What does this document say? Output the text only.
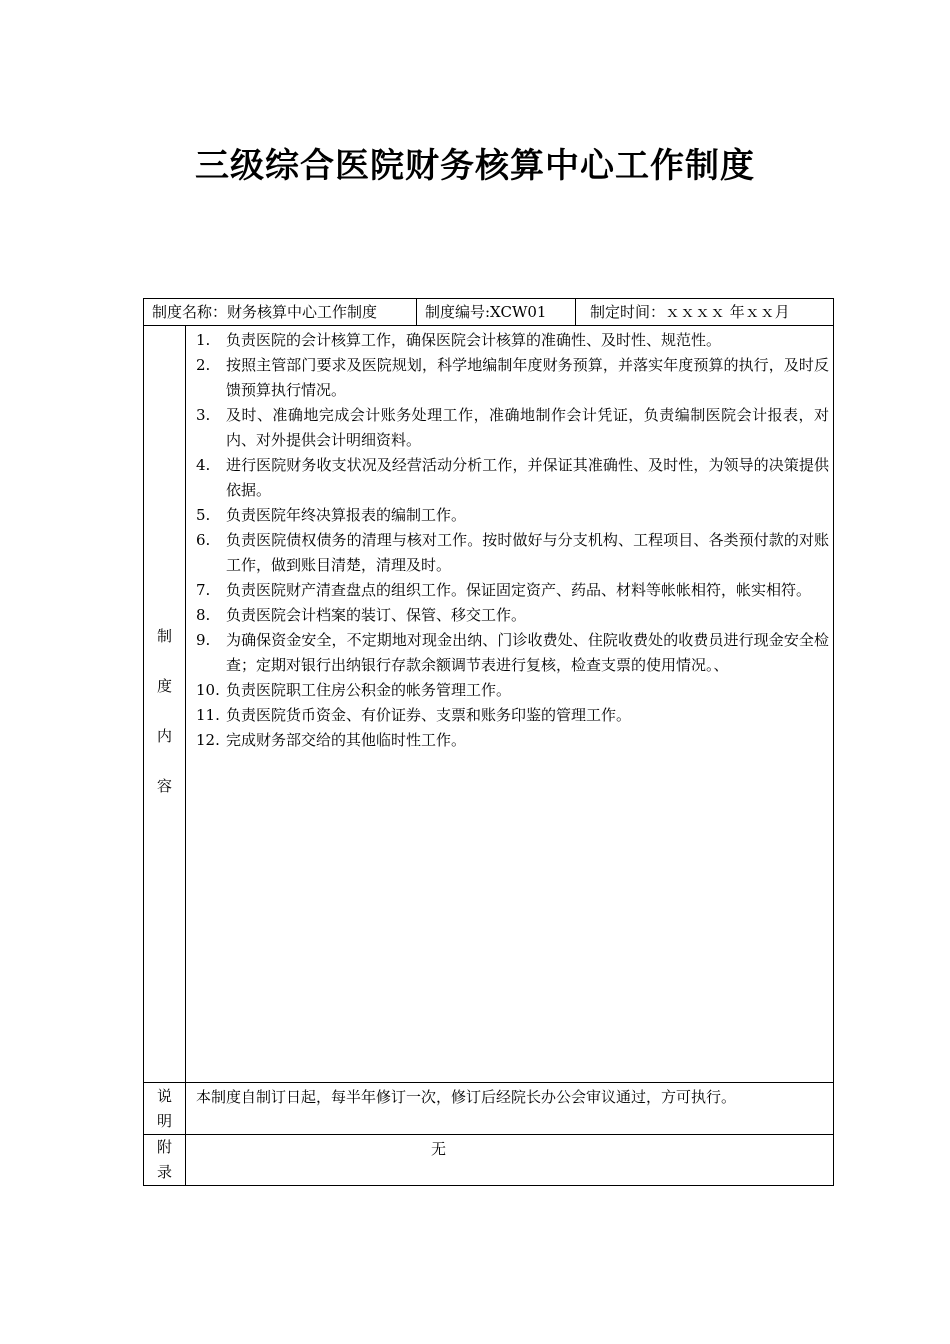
三级综合医院财务核算中心工作制度
制度名称：财务核算中心工作制度	制度编号:XCW01	制定时间：ｘｘｘｘ 年ｘｘ月
制
度
内
容
1. 负责医院的会计核算工作，确保医院会计核算的准确性、及时性、规范性。
2. 按照主管部门要求及医院规划，科学地编制年度财务预算，并落实年度预算的执行，及时反馈预算执行情况。
3. 及时、准确地完成会计账务处理工作，准确地制作会计凭证，负责编制医院会计报表，对内、对外提供会计明细资料。
4. 进行医院财务收支状况及经营活动分析工作，并保证其准确性、及时性，为领导的决策提供依据。
5. 负责医院年终决算报表的编制工作。
6. 负责医院债权债务的清理与核对工作。按时做好与分支机构、工程项目、各类预付款的对账工作，做到账目清楚，清理及时。
7. 负责医院财产清查盘点的组织工作。保证固定资产、药品、材料等帐帐相符，帐实相符。
8. 负责医院会计档案的装订、保管、移交工作。
9. 为确保资金安全，不定期地对现金出纳、门诊收费处、住院收费处的收费员进行现金安全检查；定期对银行出纳银行存款余额调节表进行复核，检查支票的使用情况。、
10. 负责医院职工住房公积金的帐务管理工作。
11. 负责医院货币资金、有价证券、支票和账务印鉴的管理工作。
12. 完成财务部交给的其他临时性工作。
说
明
本制度自制订日起，每半年修订一次，修订后经院长办公会审议通过，方可执行。
附
录
无
